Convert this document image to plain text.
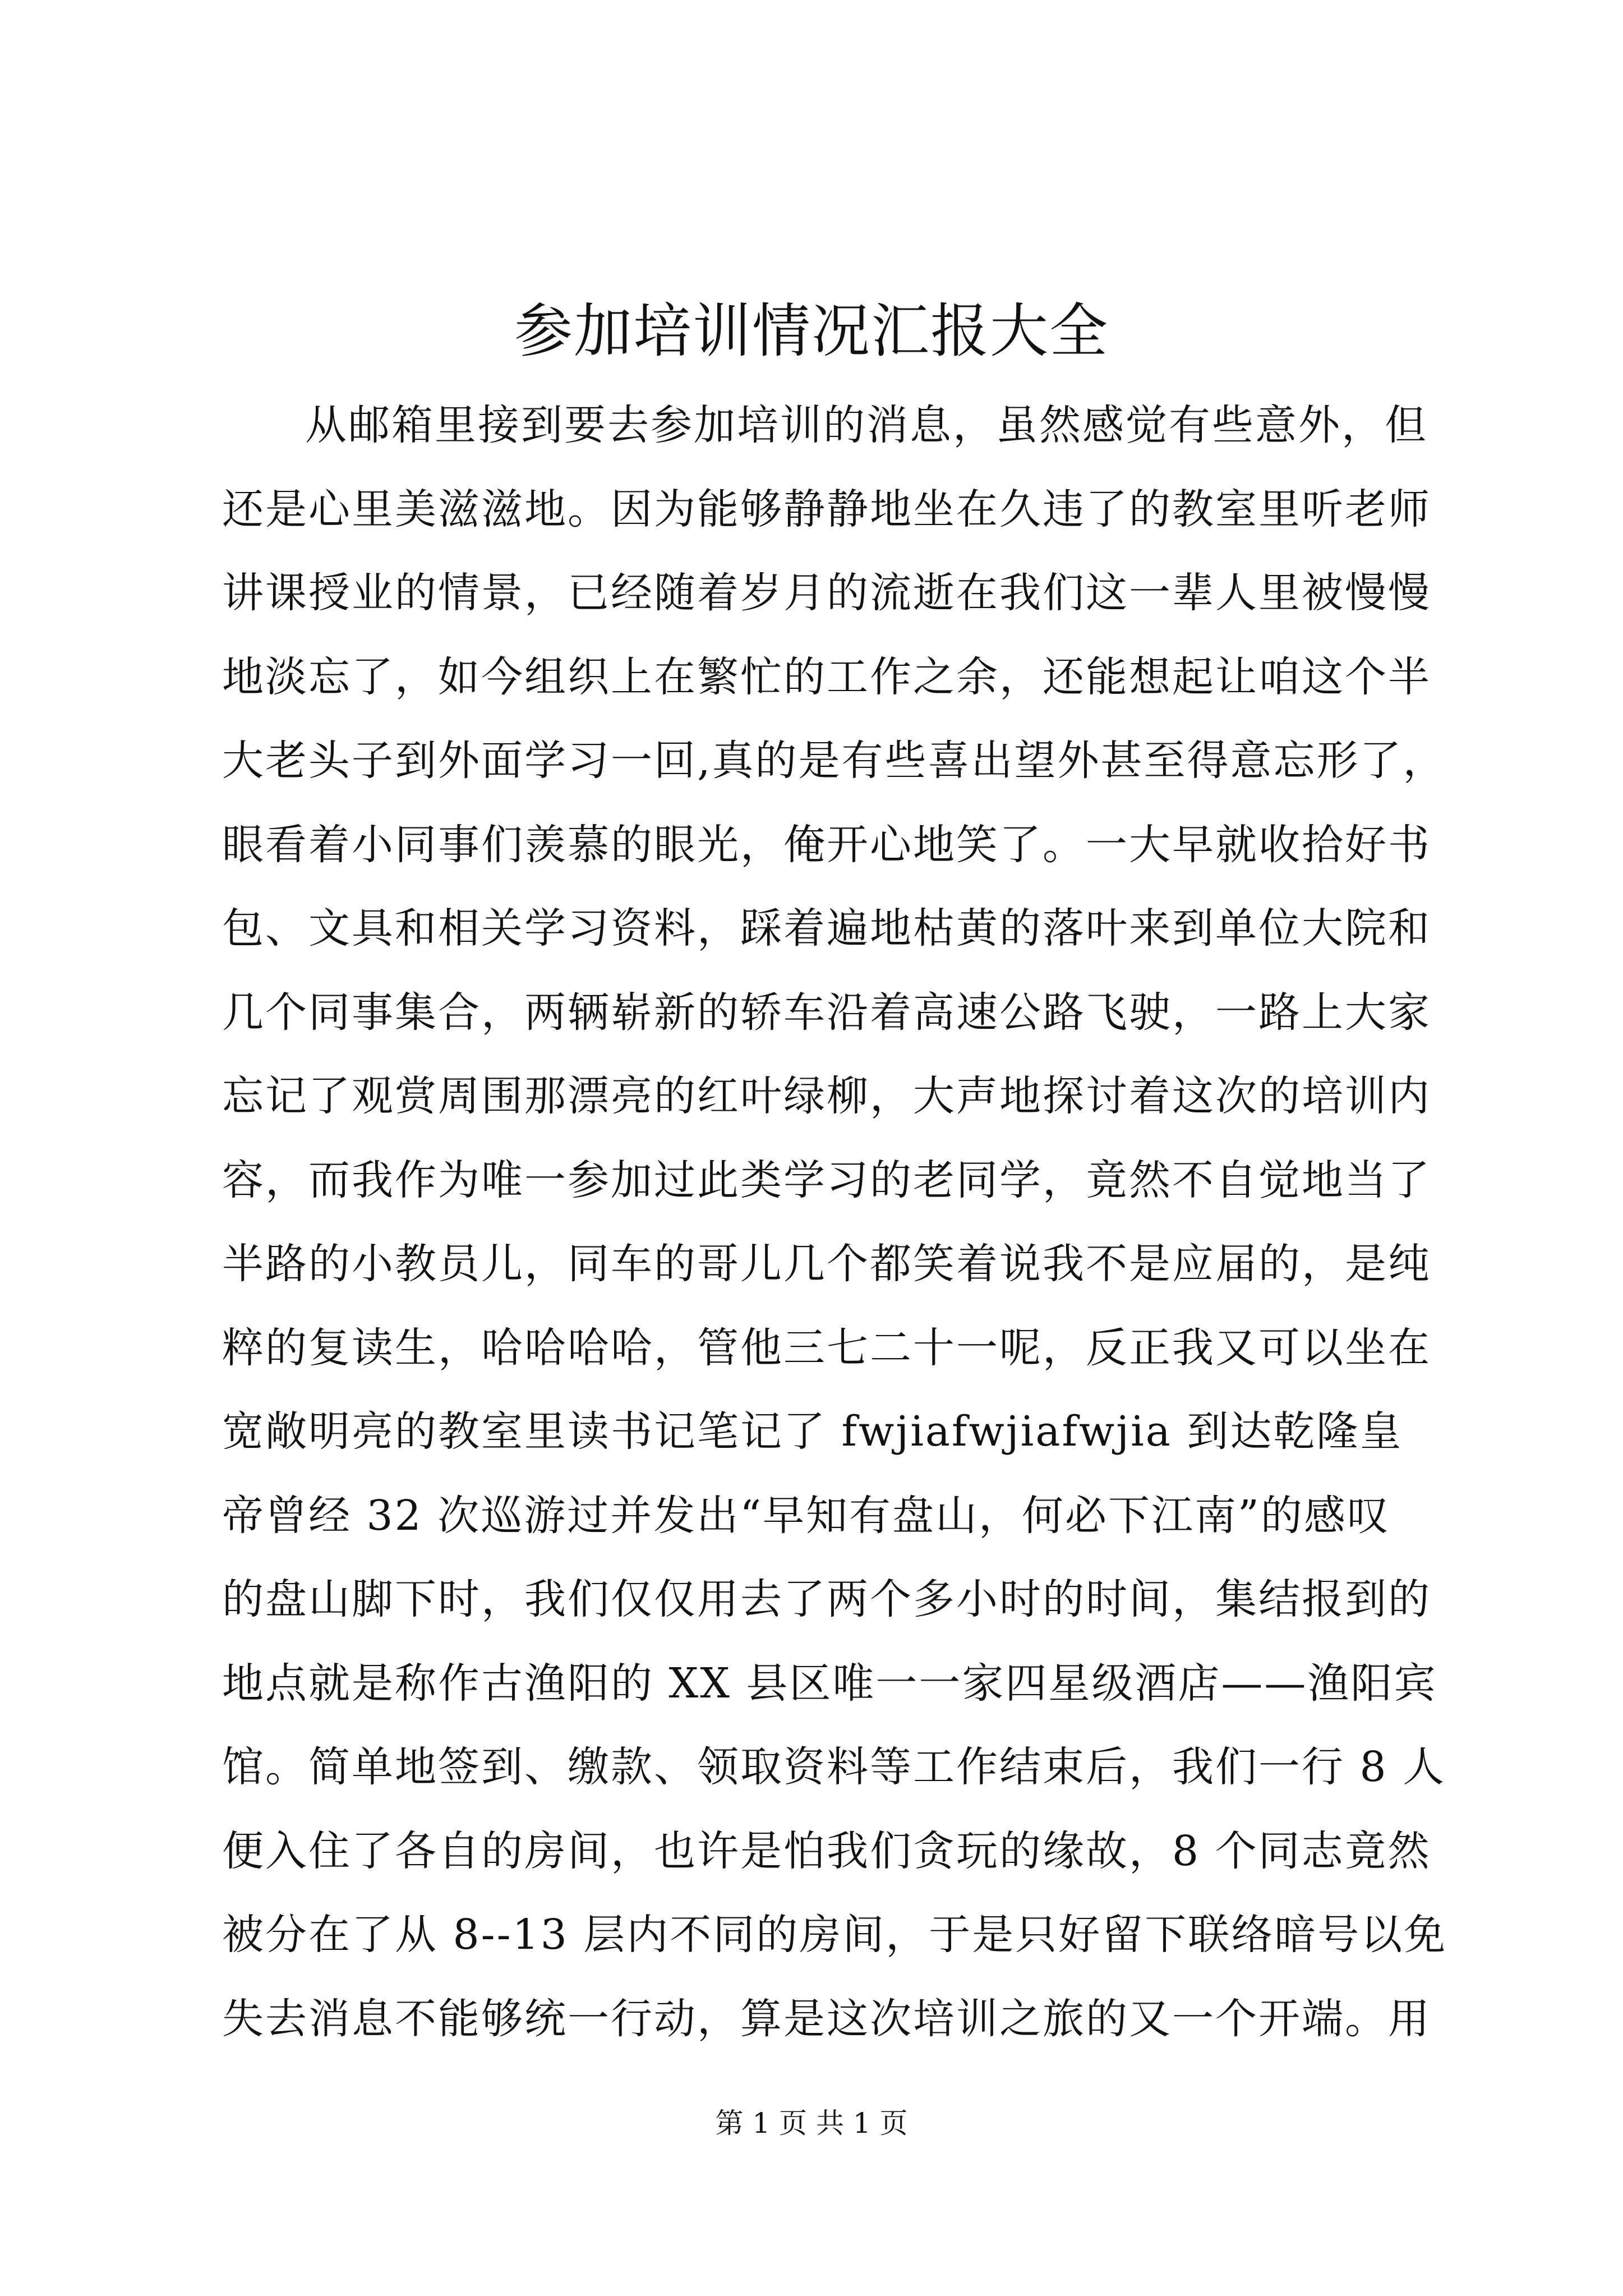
参加培训情况汇报大全
从邮箱里接到要去参加培训的消息，虽然感觉有些意外，但
还是心里美滋滋地。因为能够静静地坐在久违了的教室里听老师
讲课授业的情景，已经随着岁月的流逝在我们这一辈人里被慢慢
地淡忘了，如今组织上在繁忙的工作之余，还能想起让咱这个半
大老头子到外面学习一回,真的是有些喜出望外甚至得意忘形了，
眼看着小同事们羡慕的眼光，俺开心地笑了。一大早就收拾好书
包、文具和相关学习资料，踩着遍地枯黄的落叶来到单位大院和
几个同事集合，两辆崭新的轿车沿着高速公路飞驶，一路上大家
忘记了观赏周围那漂亮的红叶绿柳，大声地探讨着这次的培训内
容，而我作为唯一参加过此类学习的老同学，竟然不自觉地当了
半路的小教员儿，同车的哥儿几个都笑着说我不是应届的，是纯
粹的复读生，哈哈哈哈，管他三七二十一呢，反正我又可以坐在
宽敞明亮的教室里读书记笔记了 fwjiafwjiafwjia 到达乾隆皇
帝曾经 32 次巡游过并发出“早知有盘山，何必下江南”的感叹
的盘山脚下时，我们仅仅用去了两个多小时的时间，集结报到的
地点就是称作古渔阳的 XX 县区唯一一家四星级酒店——渔阳宾
馆。简单地签到、缴款、领取资料等工作结束后，我们一行 8 人
便入住了各自的房间，也许是怕我们贪玩的缘故，8 个同志竟然
被分在了从 8--13 层内不同的房间，于是只好留下联络暗号以免
失去消息不能够统一行动，算是这次培训之旅的又一个开端。用
第 1 页 共 1 页
